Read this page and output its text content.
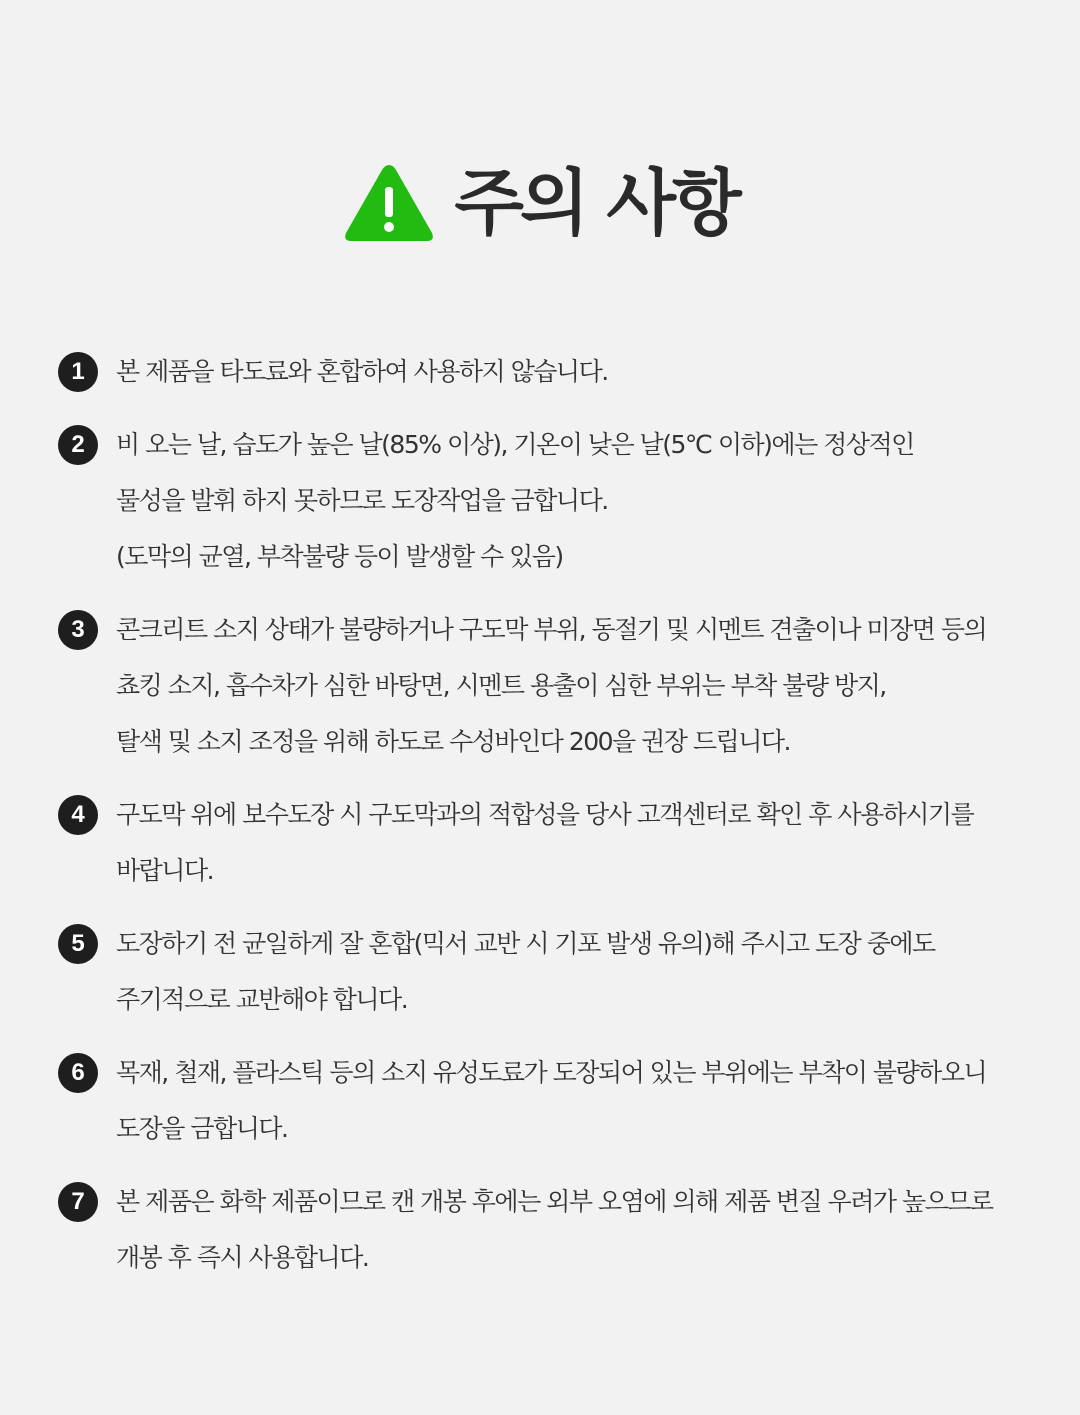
주의 사항
1	본 제품을 타도료와 혼합하여 사용하지 않습니다.
2	비 오는 날, 습도가 높은 날(85% 이상), 기온이 낮은 날(5℃ 이하)에는 정상적인
물성을 발휘 하지 못하므로 도장작업을 금합니다.
(도막의 균열, 부착불량 등이 발생할 수 있음)
3	콘크리트 소지 상태가 불량하거나 구도막 부위, 동절기 및 시멘트 견출이나 미장면 등의
쵸킹 소지, 흡수차가 심한 바탕면, 시멘트 용출이 심한 부위는 부착 불량 방지,
탈색 및 소지 조정을 위해 하도로 수성바인다 200을 권장 드립니다.
4	구도막 위에 보수도장 시 구도막과의 적합성을 당사 고객센터로 확인 후 사용하시기를
바랍니다.
5	도장하기 전 균일하게 잘 혼합(믹서 교반 시 기포 발생 유의)해 주시고 도장 중에도
주기적으로 교반해야 합니다.
6	목재, 철재, 플라스틱 등의 소지 유성도료가 도장되어 있는 부위에는 부착이 불량하오니
도장을 금합니다.
7	본 제품은 화학 제품이므로 캔 개봉 후에는 외부 오염에 의해 제품 변질 우려가 높으므로
개봉 후 즉시 사용합니다.
